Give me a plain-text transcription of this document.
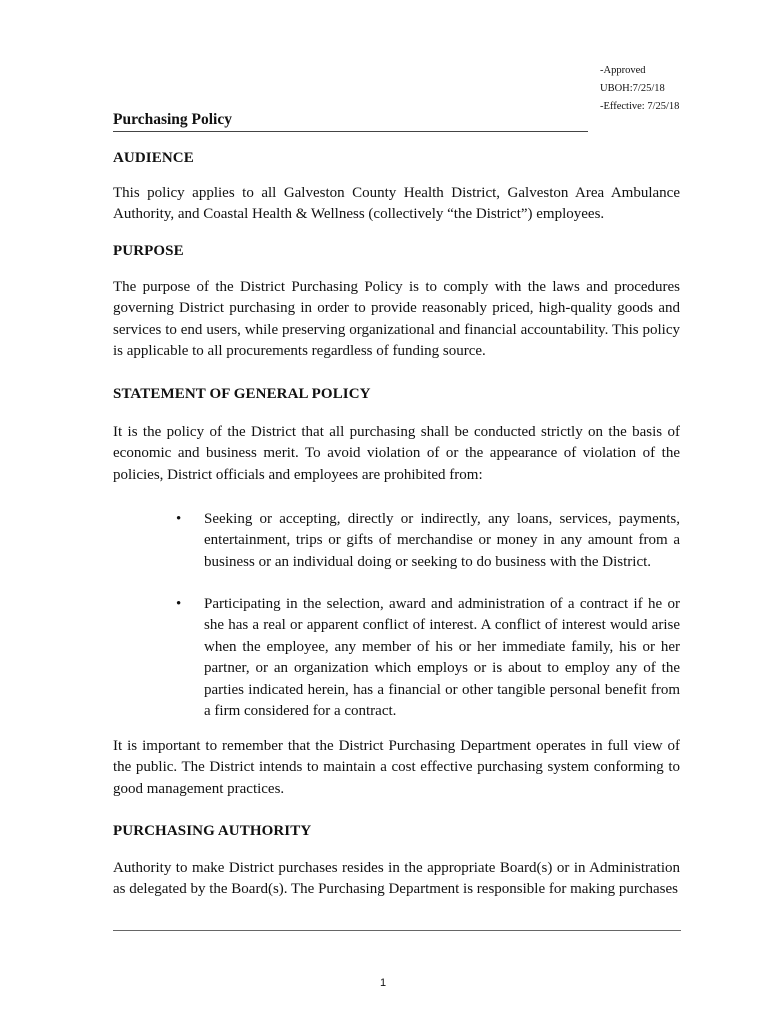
-Approved
UBOH:7/25/18
-Effective: 7/25/18
Purchasing Policy
AUDIENCE

This policy applies to all Galveston County Health District, Galveston Area Ambulance Authority, and Coastal Health & Wellness (collectively “the District”) employees.

PURPOSE

The purpose of the District Purchasing Policy is to comply with the laws and procedures governing District purchasing in order to provide reasonably priced, high-quality goods and services to end users, while preserving organizational and financial accountability. This policy is applicable to all procurements regardless of funding source.

STATEMENT OF GENERAL POLICY

It is the policy of the District that all purchasing shall be conducted strictly on the basis of economic and business merit. To avoid violation of or the appearance of violation of the policies, District officials and employees are prohibited from:

• Seeking or accepting, directly or indirectly, any loans, services, payments, entertainment, trips or gifts of merchandise or money in any amount from a business or an individual doing or seeking to do business with the District.

• Participating in the selection, award and administration of a contract if he or she has a real or apparent conflict of interest. A conflict of interest would arise when the employee, any member of his or her immediate family, his or her partner, or an organization which employs or is about to employ any of the parties indicated herein, has a financial or other tangible personal benefit from a firm considered for a contract.

It is important to remember that the District Purchasing Department operates in full view of the public. The District intends to maintain a cost effective purchasing system conforming to good management practices.

PURCHASING AUTHORITY

Authority to make District purchases resides in the appropriate Board(s) or in Administration as delegated by the Board(s). The Purchasing Department is responsible for making purchases

1
